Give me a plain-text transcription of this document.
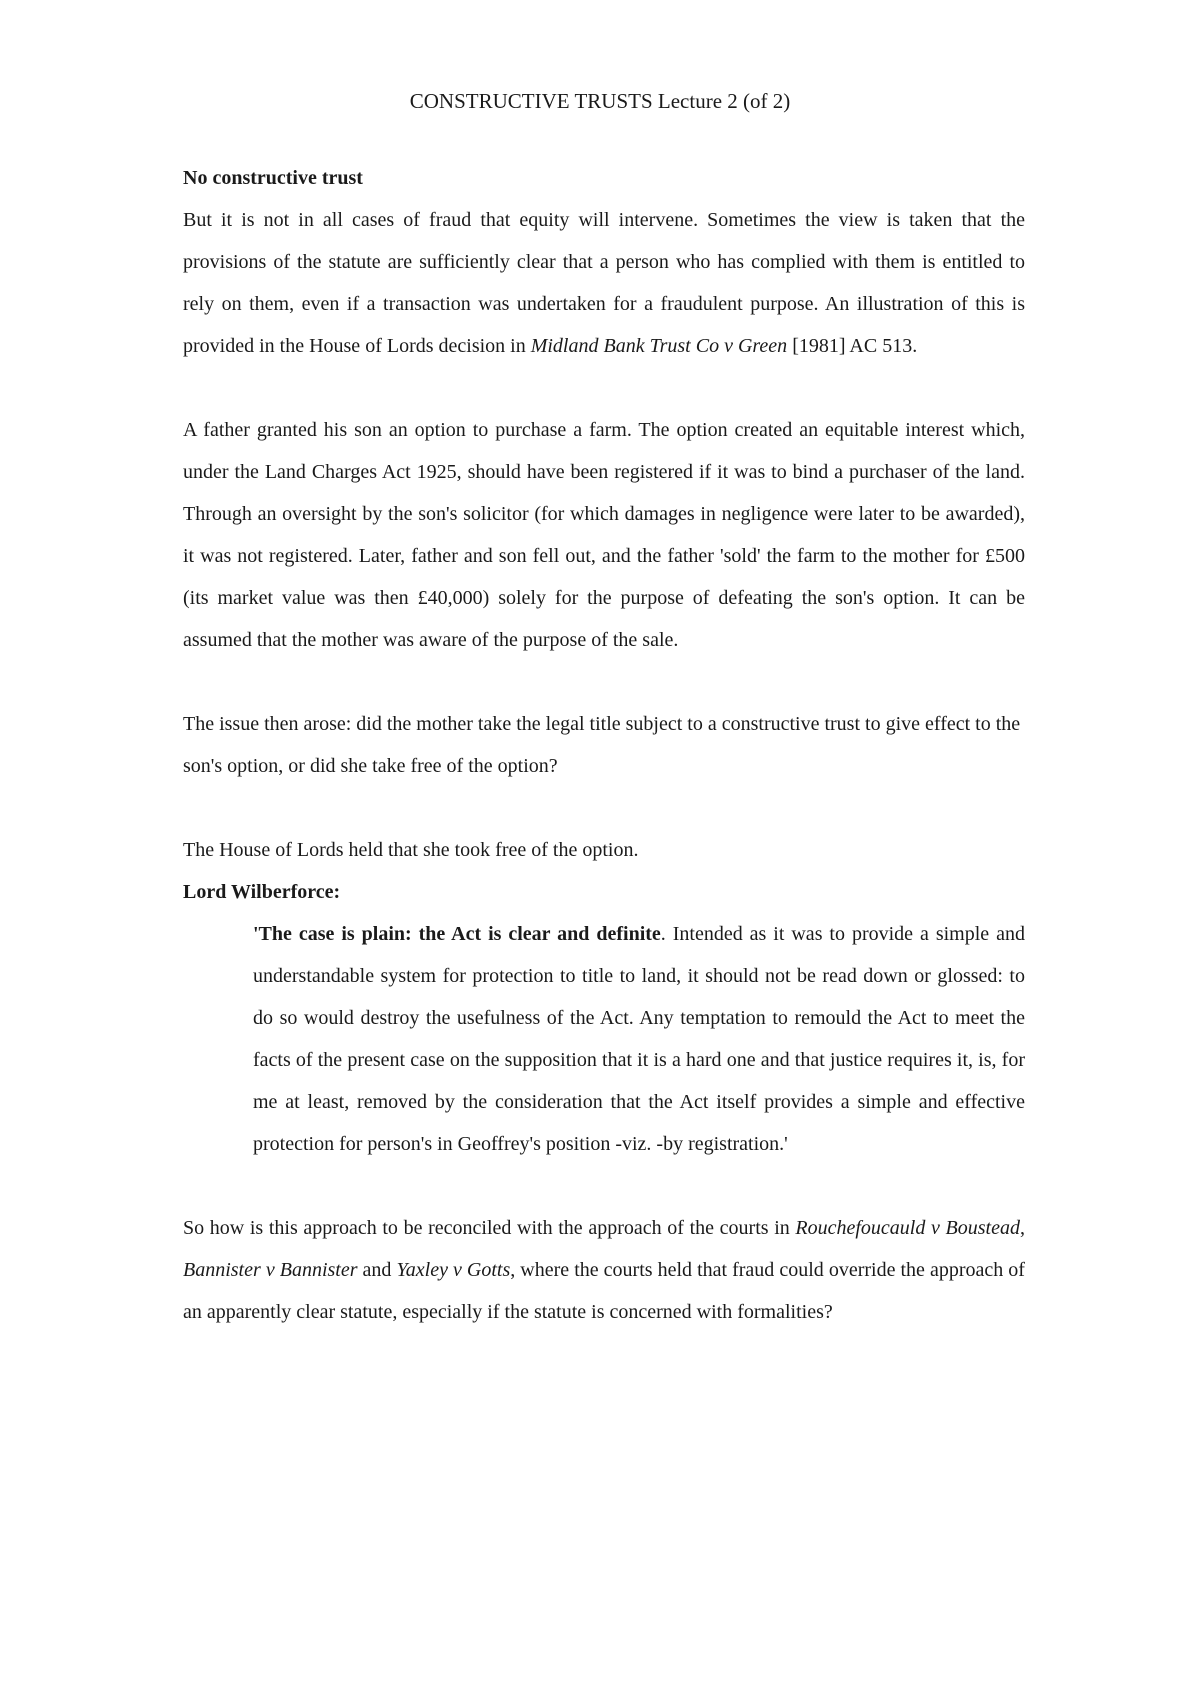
CONSTRUCTIVE TRUSTS Lecture 2 (of 2)

No constructive trust

But it is not in all cases of fraud that equity will intervene. Sometimes the view is taken that the provisions of the statute are sufficiently clear that a person who has complied with them is entitled to rely on them, even if a transaction was undertaken for a fraudulent purpose. An illustration of this is provided in the House of Lords decision in Midland Bank Trust Co v Green [1981] AC 513.

A father granted his son an option to purchase a farm. The option created an equitable interest which, under the Land Charges Act 1925, should have been registered if it was to bind a purchaser of the land. Through an oversight by the son's solicitor (for which damages in negligence were later to be awarded), it was not registered. Later, father and son fell out, and the father 'sold' the farm to the mother for £500 (its market value was then £40,000) solely for the purpose of defeating the son's option. It can be assumed that the mother was aware of the purpose of the sale.

The issue then arose: did the mother take the legal title subject to a constructive trust to give effect to the son's option, or did she take free of the option?

The House of Lords held that she took free of the option.

Lord Wilberforce:

'The case is plain: the Act is clear and definite. Intended as it was to provide a simple and understandable system for protection to title to land, it should not be read down or glossed: to do so would destroy the usefulness of the Act. Any temptation to remould the Act to meet the facts of the present case on the supposition that it is a hard one and that justice requires it, is, for me at least, removed by the consideration that the Act itself provides a simple and effective protection for person's in Geoffrey's position -viz. -by registration.'

So how is this approach to be reconciled with the approach of the courts in Rouchefoucauld v Boustead, Bannister v Bannister and Yaxley v Gotts, where the courts held that fraud could override the approach of an apparently clear statute, especially if the statute is concerned with formalities?
